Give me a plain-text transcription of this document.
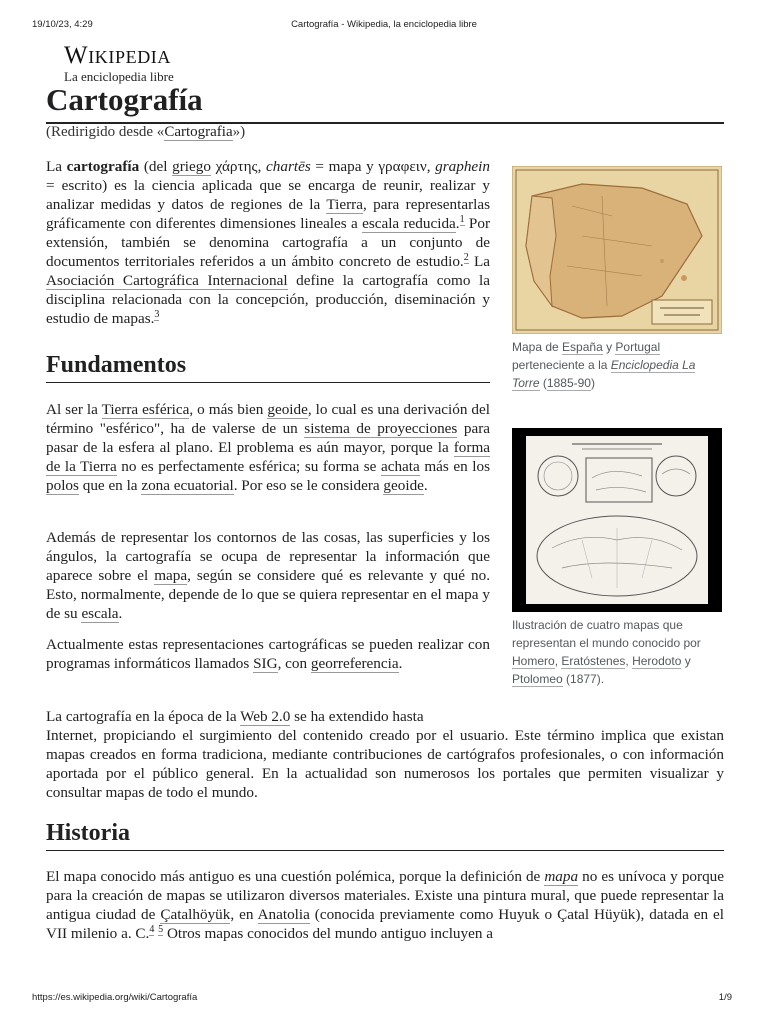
19/10/23, 4:29	Cartografía - Wikipedia, la enciclopedia libre
Wikipedia
La enciclopedia libre
Cartografía
(Redirigido desde «Cartografia»)

La cartografía (del griego χάρτης, chartēs = mapa y γραφειν, graphein = escrito) es la ciencia aplicada que se encarga de reunir, realizar y analizar medidas y datos de regiones de la Tierra, para representarlas gráficamente con diferentes dimensiones lineales a escala reducida.$^1$ Por extensión, también se denomina cartografía a un conjunto de documentos territoriales referidos a un ámbito concreto de estudio.$^2$ La Asociación Cartográfica Internacional define la cartografía como la disciplina relacionada con la concepción, producción, diseminación y estudio de mapas.$^3$

Mapa de España y Portugal perteneciente a la Enciclopedia La Torre (1885-90)
Fundamentos

Al ser la Tierra esférica, o más bien geoide, lo cual es una derivación del término "esférico", ha de valerse de un sistema de proyecciones para pasar de la esfera al plano. El problema es aún mayor, porque la forma de la Tierra no es perfectamente esférica; su forma se achata más en los polos que en la zona ecuatorial. Por eso se le considera geoide.

Ilustración de cuatro mapas que representan el mundo conocido por Homero, Eratóstenes, Herodoto y Ptolomeo (1877).

Además de representar los contornos de las cosas, las superficies y los ángulos, la cartografía se ocupa de representar la información que aparece sobre el mapa, según se considere qué es relevante y qué no. Esto, normalmente, depende de lo que se quiera representar en el mapa y de su escala.

Actualmente estas representaciones cartográficas se pueden realizar con programas informáticos llamados SIG, con georreferencia.

La cartografía en la época de la Web 2.0 se ha extendido hasta
Internet, propiciando el surgimiento del contenido creado por el usuario. Este término implica que existan mapas creados en forma tradiciona, mediante contribuciones de cartógrafos profesionales, o con información aportada por el público general. En la actualidad son numerosos los portales que permiten visualizar y consultar mapas de todo el mundo.

Historia

El mapa conocido más antiguo es una cuestión polémica, porque la definición de mapa no es unívoca y porque para la creación de mapas se utilizaron diversos materiales. Existe una pintura mural, que puede representar la antigua ciudad de Çatalhöyük, en Anatolia (conocida previamente como Huyuk o Çatal Hüyük), datada en el VII milenio a. C.$^4$ $^5$ Otros mapas conocidos del mundo antiguo incluyen a

https://es.wikipedia.org/wiki/Cartografía	1/9
